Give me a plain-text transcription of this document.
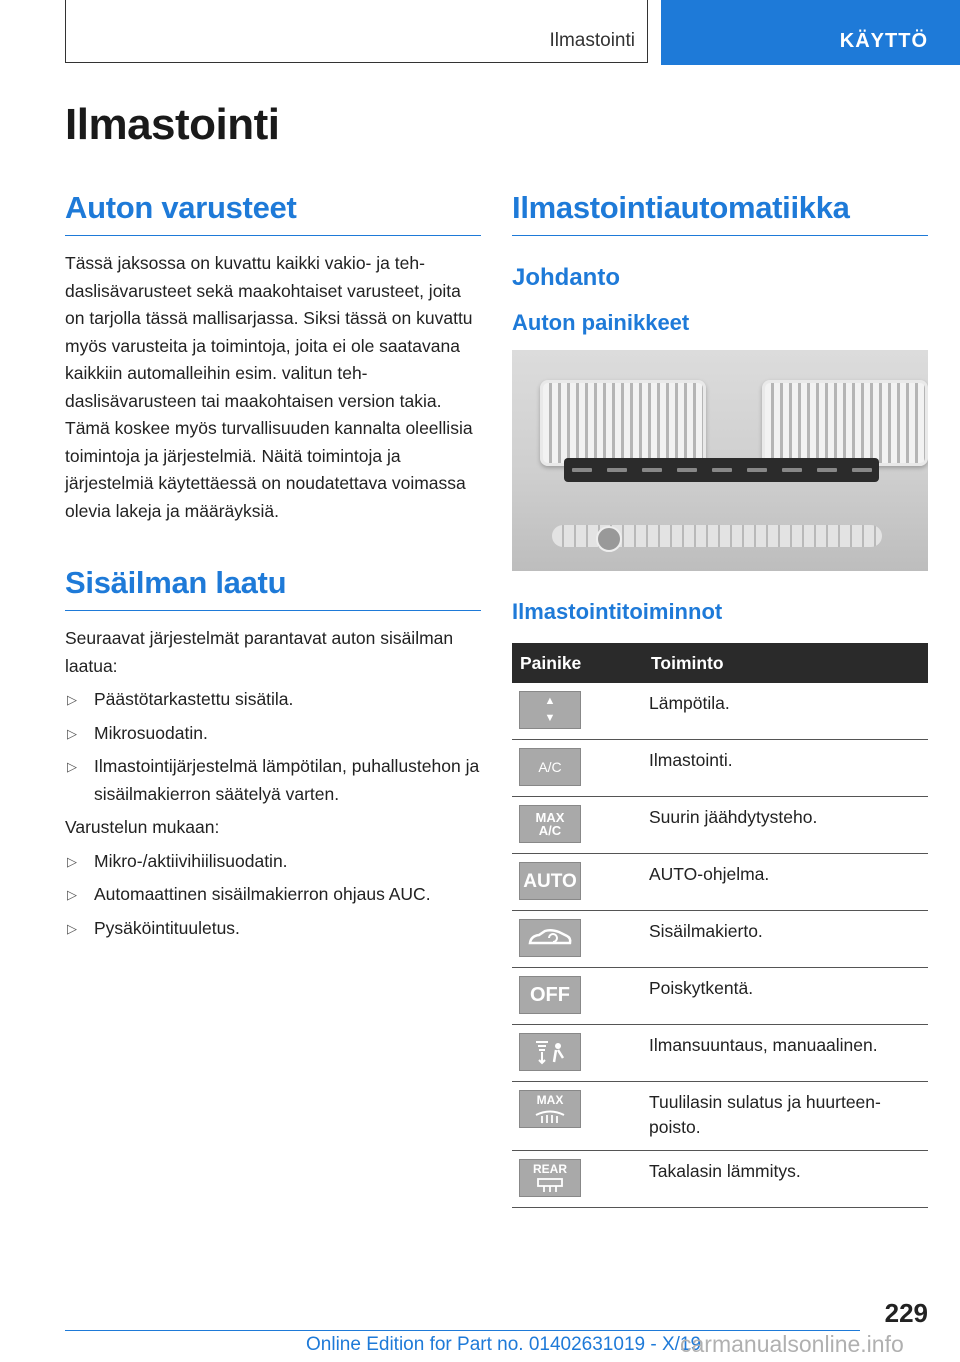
Ilmastointi	KÄYTTÖ
Ilmastointi
Auton varusteet

Tässä jaksossa on kuvattu kaikki vakio- ja tehdaslisävarusteet sekä maakohtaiset varusteet, joita on tarjolla tässä mallisarjassa. Siksi tässä on kuvattu myös varusteita ja toimintoja, joita ei ole saatavana kaikkiin automalleihin esim. valitun tehdaslisävarusteen tai maakohtaisen version takia. Tämä koskee myös turvallisuuden kannalta oleellisia toimintoja ja järjestelmiä. Näitä toimintoja ja järjestelmiä käytettäessä on noudatettava voimassa olevia lakeja ja määräyksiä.

Sisäilman laatu

Seuraavat järjestelmät parantavat auton sisäilman laatua:

▷ Päästötarkastettu sisätila.
▷ Mikrosuodatin.
▷ Ilmastointijärjestelmä lämpötilan, puhallustehon ja sisäilmakierron säätelyä varten.

Varustelun mukaan:

▷ Mikro-/aktiivihiilisuodatin.
▷ Automaattinen sisäilmakierron ohjaus AUC.
▷ Pysäköintituuletus.
Ilmastointiautomatiikka
Johdanto
Auton painikkeet
Ilmastointitoiminnot
Painike	Toiminto

▲
▼	Lämpötila.

A/C	Ilmastointi.

MAX A/C	Suurin jäähdytysteho.

AUTO	AUTO-ohjelma.

	Sisäilmakierto.

OFF	Poiskytkentä.

	Ilmansuuntaus, manuaalinen.

MAX	Tuulilasin sulatus ja huurteenpoisto.

REAR	Takalasin lämmitys.
229
Online Edition for Part no. 01402631019 - X/19
carmanualsonline.info
